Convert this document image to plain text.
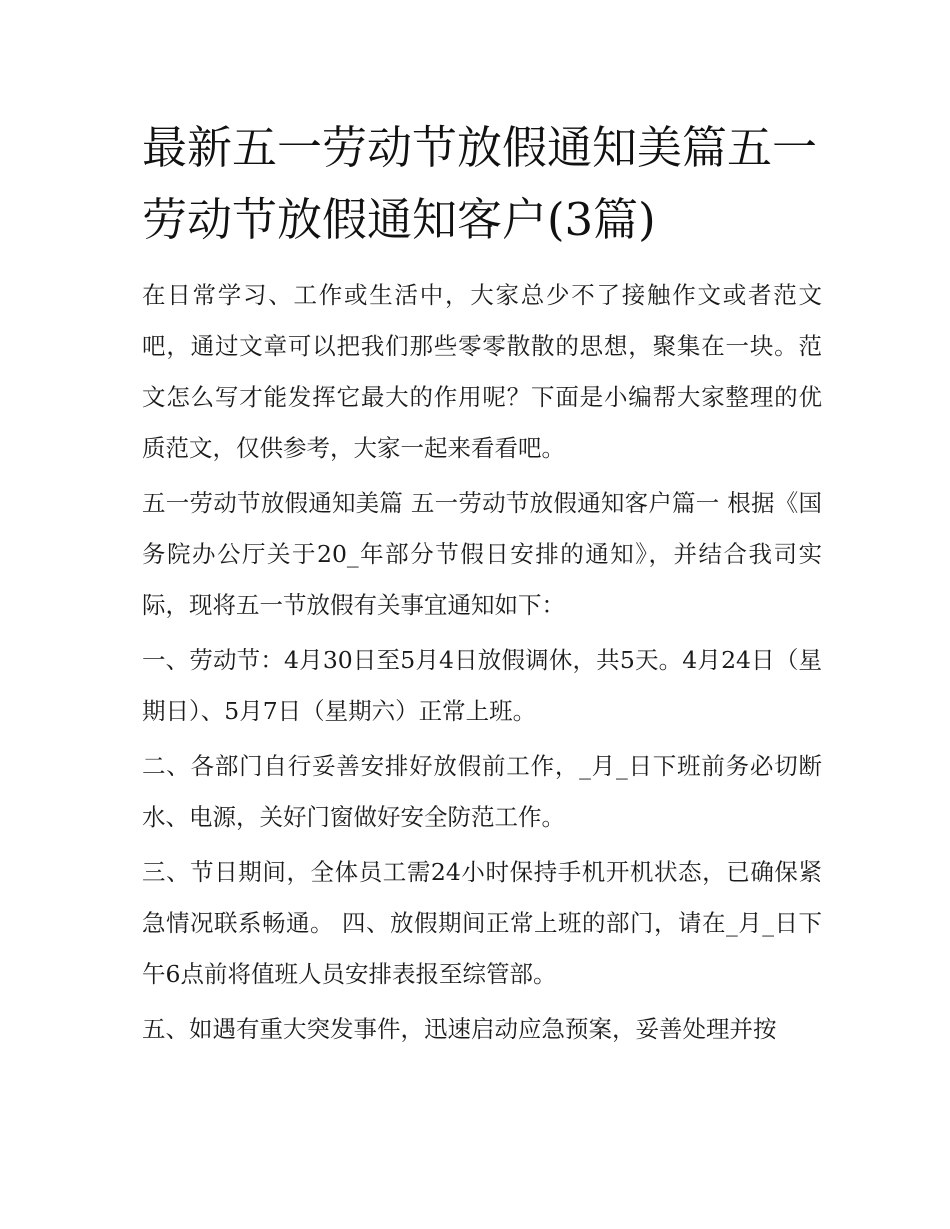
最新五一劳动节放假通知美篇五一劳动节放假通知客户(3篇)

在日常学习、工作或生活中，大家总少不了接触作文或者范文吧，通过文章可以把我们那些零零散散的思想，聚集在一块。范文怎么写才能发挥它最大的作用呢？下面是小编帮大家整理的优质范文，仅供参考，大家一起来看看吧。

五一劳动节放假通知美篇 五一劳动节放假通知客户篇一 根据《国务院办公厅关于20_年部分节假日安排的通知》，并结合我司实际，现将五一节放假有关事宜通知如下：

一、劳动节：4月30日至5月4日放假调休，共5天。4月24日（星期日）、5月7日（星期六）正常上班。

二、各部门自行妥善安排好放假前工作，_月_日下班前务必切断水、电源，关好门窗做好安全防范工作。

三、节日期间，全体员工需24小时保持手机开机状态，已确保紧急情况联系畅通。 四、放假期间正常上班的部门，请在_月_日下午6点前将值班人员安排表报至综管部。

五、如遇有重大突发事件，迅速启动应急预案，妥善处理并按
